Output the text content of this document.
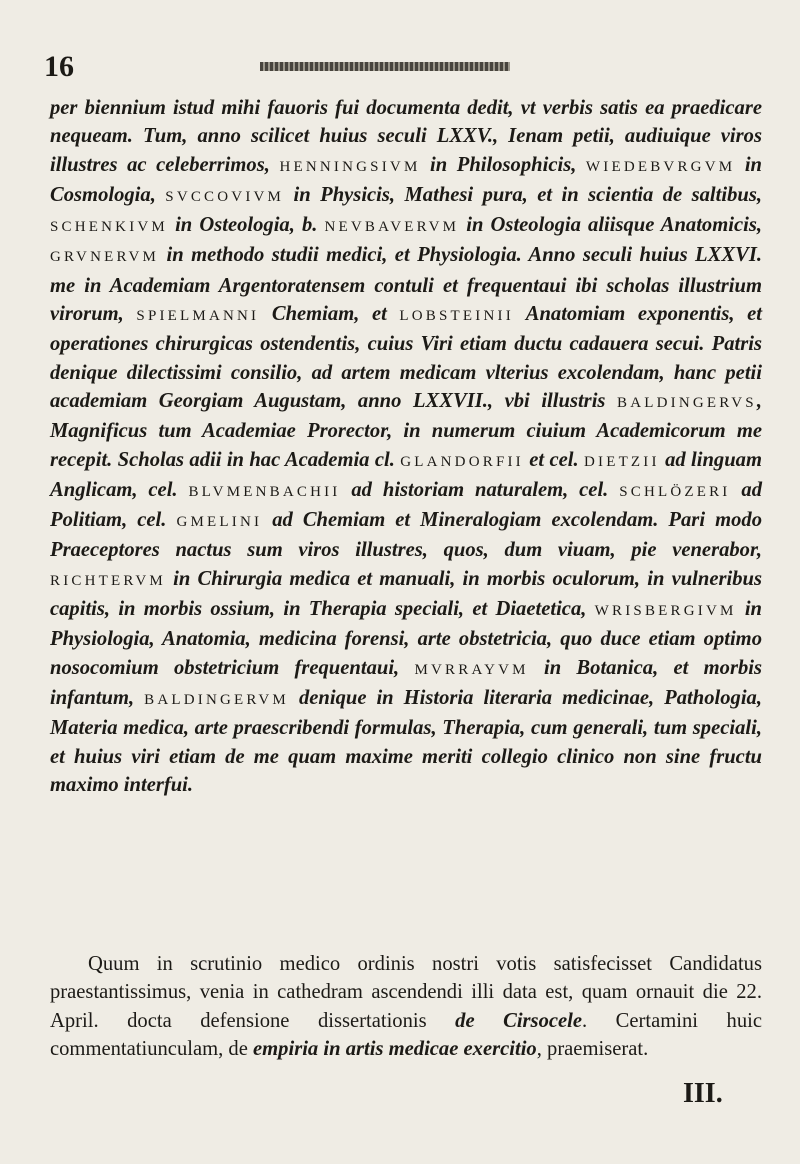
16
per biennium istud mihi fauoris fui documenta dedit, vt verbis satis ea praedicare nequeam. Tum, anno scilicet huius seculi LXXV., Ienam petii, audiuique viros illustres ac celeberrimos, HENNINGSIVM in Philosophicis, WIEDEBVRGVM in Cosmologia, SVCCOVIVM in Physicis, Mathesi pura, et in scientia de saltibus, SCHENKIVM in Osteologia, b. NEVBAVERVM in Osteologia aliisque Anatomicis, GRVNERVM in methodo studii medici, et Physiologia. Anno seculi huius LXXVI. me in Academiam Argentoratensem contuli et frequentaui ibi scholas illustrium virorum, SPIELMANNI Chemiam, et LOBSTEINII Anatomiam exponentis, et operationes chirurgicas ostendentis, cuius Viri etiam ductu cadauera secui. Patris denique dilectissimi consilio, ad artem medicam vlterius excolendam, hanc petii academiam Georgiam Augustam, anno LXXVII., vbi illustris BALDINGERVS, Magnificus tum Academiae Prorector, in numerum ciuium Academicorum me recepit. Scholas adii in hac Academia cl. GLANDORFII et cel. DIETZII ad linguam Anglicam, cel. BLVMENBACHII ad historiam naturalem, cel. SCHLÖZERI ad Politiam, cel. GMELINI ad Chemiam et Mineralogiam excolendam. Pari modo Praeceptores nactus sum viros illustres, quos, dum viuam, pie venerabor, RICHTERVM in Chirurgia medica et manuali, in morbis oculorum, in vulneribus capitis, in morbis ossium, in Therapia speciali, et Diaetetica, WRISBERGIVM in Physiologia, Anatomia, medicina forensi, arte obstetricia, quo duce etiam optimo nosocomium obstetricium frequentaui, MVRRAYVM in Botanica, et morbis infantum, BALDINGERVM denique in Historia literaria medicinae, Pathologia, Materia medica, arte praescribendi formulas, Therapia, cum generali, tum speciali, et huius viri etiam de me quam maxime meriti collegio clinico non sine fructu maximo interfui.
Quum in scrutinio medico ordinis nostri votis satisfecisset Candidatus praestantissimus, venia in cathedram ascendendi illi data est, quam ornauit die 22. April. docta defensione dissertationis de Cirsocele. Certamini huic commentatiunculam, de empiria in artis medicae exercitio, praemiserat.
III.
